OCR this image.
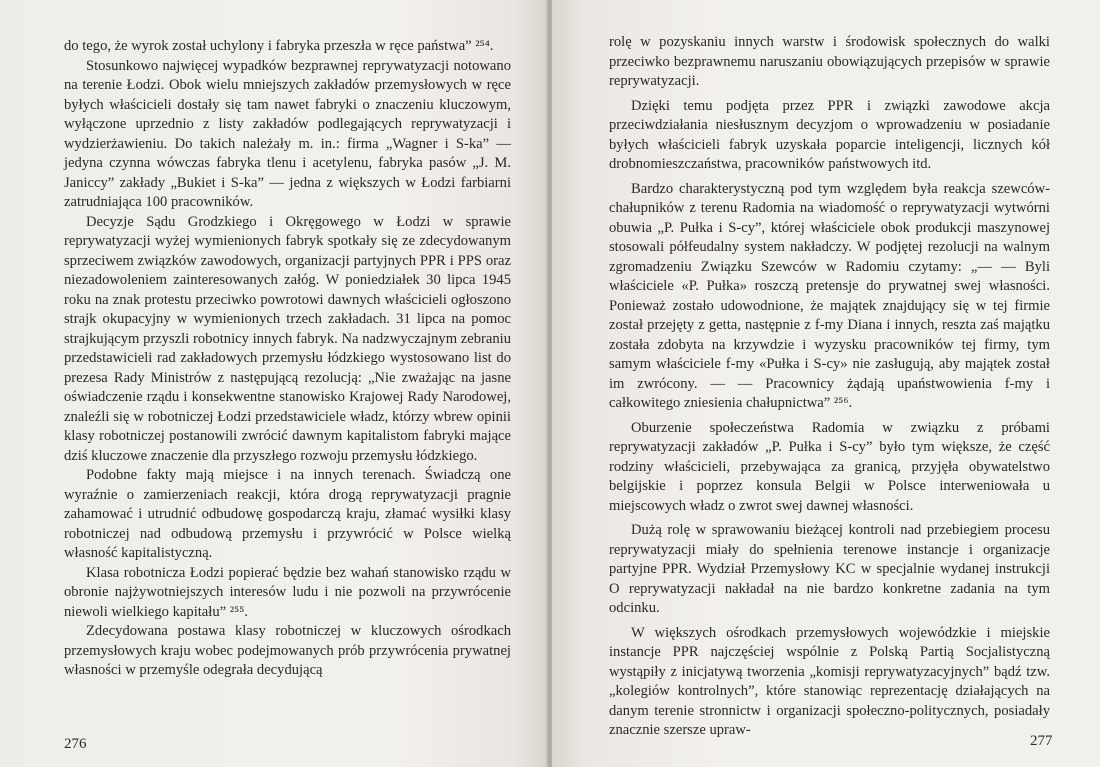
do tego, że wyrok został uchylony i fabryka przeszła w ręce państwa” ²⁵⁴.

Stosunkowo najwięcej wypadków bezprawnej reprywatyzacji notowano na terenie Łodzi. Obok wielu mniejszych zakładów przemysłowych w ręce byłych właścicieli dostały się tam nawet fabryki o znaczeniu kluczowym, wyłączone uprzednio z listy zakładów podlegających reprywatyzacji i wydzierżawieniu. Do takich należały m. in.: firma „Wagner i S-ka” — jedyna czynna wówczas fabryka tlenu i acetylenu, fabryka pasów „J. M. Janiccy” zakłady „Bukiet i S-ka” — jedna z większych w Łodzi farbiarni zatrudniająca 100 pracowników.

Decyzje Sądu Grodzkiego i Okręgowego w Łodzi w sprawie reprywatyzacji wyżej wymienionych fabryk spotkały się ze zdecydowanym sprzeciwem związków zawodowych, organizacji partyjnych PPR i PPS oraz niezadowoleniem zainteresowanych załóg. W poniedziałek 30 lipca 1945 roku na znak protestu przeciwko powrotowi dawnych właścicieli ogłoszono strajk okupacyjny w wymienionych trzech zakładach. 31 lipca na pomoc strajkującym przyszli robotnicy innych fabryk. Na nadzwyczajnym zebraniu przedstawicieli rad zakładowych przemysłu łódzkiego wystosowano list do prezesa Rady Ministrów z następującą rezolucją: „Nie zważając na jasne oświadczenie rządu i konsekwentne stanowisko Krajowej Rady Narodowej, znaleźli się w robotniczej Łodzi przedstawiciele władz, którzy wbrew opinii klasy robotniczej postanowili zwrócić dawnym kapitalistom fabryki mające dziś kluczowe znaczenie dla przyszłego rozwoju przemysłu łódzkiego.

Podobne fakty mają miejsce i na innych terenach. Świadczą one wyraźnie o zamierzeniach reakcji, która drogą reprywatyzacji pragnie zahamować i utrudnić odbudowę gospodarczą kraju, złamać wysiłki klasy robotniczej nad odbudową przemysłu i przywrócić w Polsce wielką własność kapitalistyczną.

Klasa robotnicza Łodzi popierać będzie bez wahań stanowisko rządu w obronie najżywotniejszych interesów ludu i nie pozwoli na przywrócenie niewoli wielkiego kapitału” ²⁵⁵.

Zdecydowana postawa klasy robotniczej w kluczowych ośrodkach przemysłowych kraju wobec podejmowanych prób przywrócenia prywatnej własności w przemyśle odegrała decydującą

276

rolę w pozyskaniu innych warstw i środowisk społecznych do walki przeciwko bezprawnemu naruszaniu obowiązujących przepisów w sprawie reprywatyzacji.

Dzięki temu podjęta przez PPR i związki zawodowe akcja przeciwdziałania niesłusznym decyzjom o wprowadzeniu w posiadanie byłych właścicieli fabryk uzyskała poparcie inteligencji, licznych kół drobnomieszczaństwa, pracowników państwowych itd.

Bardzo charakterystyczną pod tym względem była reakcja szewców-chałupników z terenu Radomia na wiadomość o reprywatyzacji wytwórni obuwia „P. Pułka i S-cy”, której właściciele obok produkcji maszynowej stosowali półfeudalny system nakładczy. W podjętej rezolucji na walnym zgromadzeniu Związku Szewców w Radomiu czytamy: „— — Byli właściciele «P. Pułka» roszczą pretensje do prywatnej swej własności. Ponieważ zostało udowodnione, że majątek znajdujący się w tej firmie został przejęty z getta, następnie z f-my Diana i innych, reszta zaś majątku została zdobyta na krzywdzie i wyzysku pracowników tej firmy, tym samym właściciele f-my «Pułka i S-cy» nie zasługują, aby majątek został im zwrócony. — — Pracownicy żądają upaństwowienia f-my i całkowitego zniesienia chałupnictwa” ²⁵⁶.

Oburzenie społeczeństwa Radomia w związku z próbami reprywatyzacji zakładów „P. Pułka i S-cy” było tym większe, że część rodziny właścicieli, przebywająca za granicą, przyjęła obywatelstwo belgijskie i poprzez konsula Belgii w Polsce interweniowała u miejscowych władz o zwrot swej dawnej własności.

Dużą rolę w sprawowaniu bieżącej kontroli nad przebiegiem procesu reprywatyzacji miały do spełnienia terenowe instancje i organizacje partyjne PPR. Wydział Przemysłowy KC w specjalnie wydanej instrukcji O reprywatyzacji nakładał na nie bardzo konkretne zadania na tym odcinku.

W większych ośrodkach przemysłowych wojewódzkie i miejskie instancje PPR najczęściej wspólnie z Polską Partią Socjalistyczną wystąpiły z inicjatywą tworzenia „komisji reprywatyzacyjnych” bądź tzw. „kolegiów kontrolnych”, które stanowiąc reprezentację działających na danym terenie stronnictw i organizacji społeczno-politycznych, posiadały znacznie szersze upraw-

277
